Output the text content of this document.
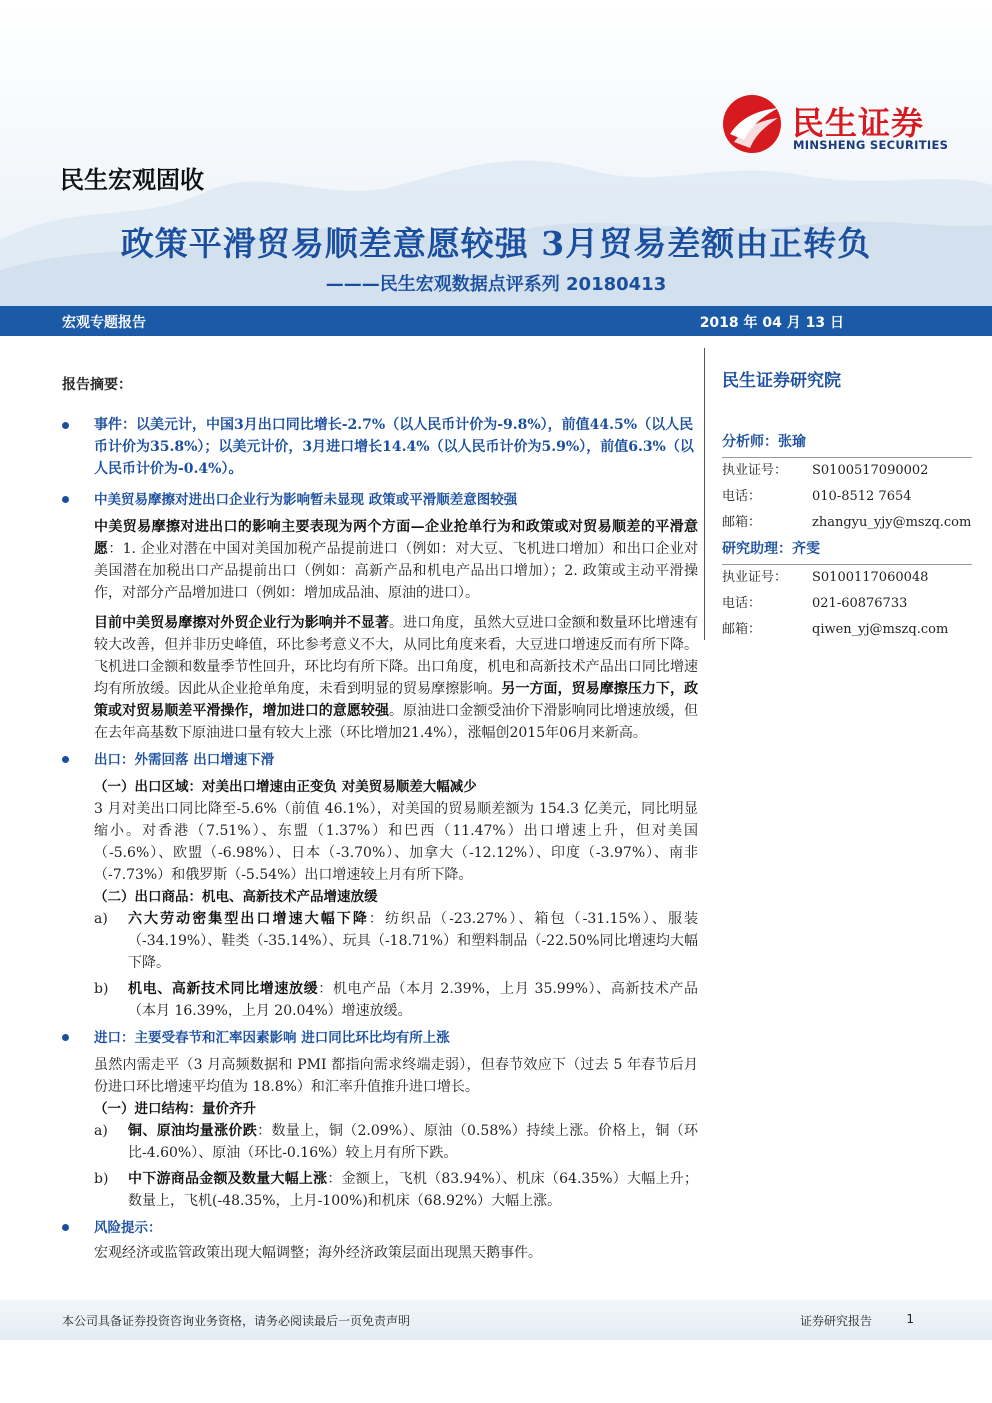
民生证券
MINSHENG SECURITIES
民生宏观固收
政策平滑贸易顺差意愿较强 3月贸易差额由正转负
———民生宏观数据点评系列 20180413
宏观专题报告	2018 年 04 月 13 日
民生证券研究院
分析师：张瑜
执业证号： S0100517090002
电话：	010-8512 7654
邮箱：	zhangyu_yjy@mszq.com
研究助理：齐雯
执业证号： S0100117060048
电话：	021-60876733
邮箱：	qiwen_yj@mszq.com
报告摘要：
事件：以美元计，中国3月出口同比增长-2.7%（以人民币计价为-9.8%），前值44.5%（以人民币计价为35.8%）；以美元计价，3月进口增长14.4%（以人民币计价为5.9%），前值6.3%（以人民币计价为-0.4%）。
中美贸易摩擦对进出口企业行为影响暂未显现 政策或平滑顺差意图较强
中美贸易摩擦对进出口的影响主要表现为两个方面—企业抢单行为和政策或对贸易顺差的平滑意愿：1. 企业对潜在中国对美国加税产品提前进口（例如：对大豆、飞机进口增加）和出口企业对美国潜在加税出口产品提前出口（例如：高新产品和机电产品出口增加）；2. 政策或主动平滑操作，对部分产品增加进口（例如：增加成品油、原油的进口）。
目前中美贸易摩擦对外贸企业行为影响并不显著。进口角度，虽然大豆进口金额和数量环比增速有较大改善，但并非历史峰值，环比参考意义不大，从同比角度来看，大豆进口增速反而有所下降。飞机进口金额和数量季节性回升，环比均有所下降。出口角度，机电和高新技术产品出口同比增速均有所放缓。因此从企业抢单角度，未看到明显的贸易摩擦影响。另一方面，贸易摩擦压力下，政策或对贸易顺差平滑操作，增加进口的意愿较强。原油进口金额受油价下滑影响同比增速放缓，但在去年高基数下原油进口量有较大上涨（环比增加21.4%），涨幅创2015年06月来新高。
出口：外需回落 出口增速下滑
（一）出口区域：对美出口增速由正变负 对美贸易顺差大幅减少
3 月对美出口同比降至-5.6%（前值 46.1%），对美国的贸易顺差额为 154.3 亿美元，同比明显缩小。对香港（7.51%）、东盟（1.37%）和巴西（11.47%）出口增速上升，但对美国（-5.6%）、欧盟（-6.98%）、日本（-3.70%）、加拿大（-12.12%）、印度（-3.97%）、南非（-7.73%）和俄罗斯（-5.54%）出口增速较上月有所下降。
（二）出口商品：机电、高新技术产品增速放缓
a) 六大劳动密集型出口增速大幅下降：纺织品（-23.27%）、箱包（-31.15%）、服装（-34.19%）、鞋类（-35.14%）、玩具（-18.71%）和塑料制品（-22.50%同比增速均大幅下降。
b) 机电、高新技术同比增速放缓：机电产品（本月 2.39%，上月 35.99%）、高新技术产品（本月 16.39%，上月 20.04%）增速放缓。
进口：主要受春节和汇率因素影响 进口同比环比均有所上涨
虽然内需走平（3 月高频数据和 PMI 都指向需求终端走弱），但春节效应下（过去 5 年春节后月份进口环比增速平均值为 18.8%）和汇率升值推升进口增长。
（一）进口结构：量价齐升
a) 铜、原油均量涨价跌：数量上，铜（2.09%）、原油（0.58%）持续上涨。价格上，铜（环比-4.60%）、原油（环比-0.16%）较上月有所下跌。
b) 中下游商品金额及数量大幅上涨：金额上，飞机（83.94%）、机床（64.35%）大幅上升；数量上，飞机(-48.35%，上月-100%)和机床（68.92%）大幅上涨。
风险提示：
宏观经济或监管政策出现大幅调整；海外经济政策层面出现黑天鹅事件。
本公司具备证券投资咨询业务资格，请务必阅读最后一页免责声明	证券研究报告	1
